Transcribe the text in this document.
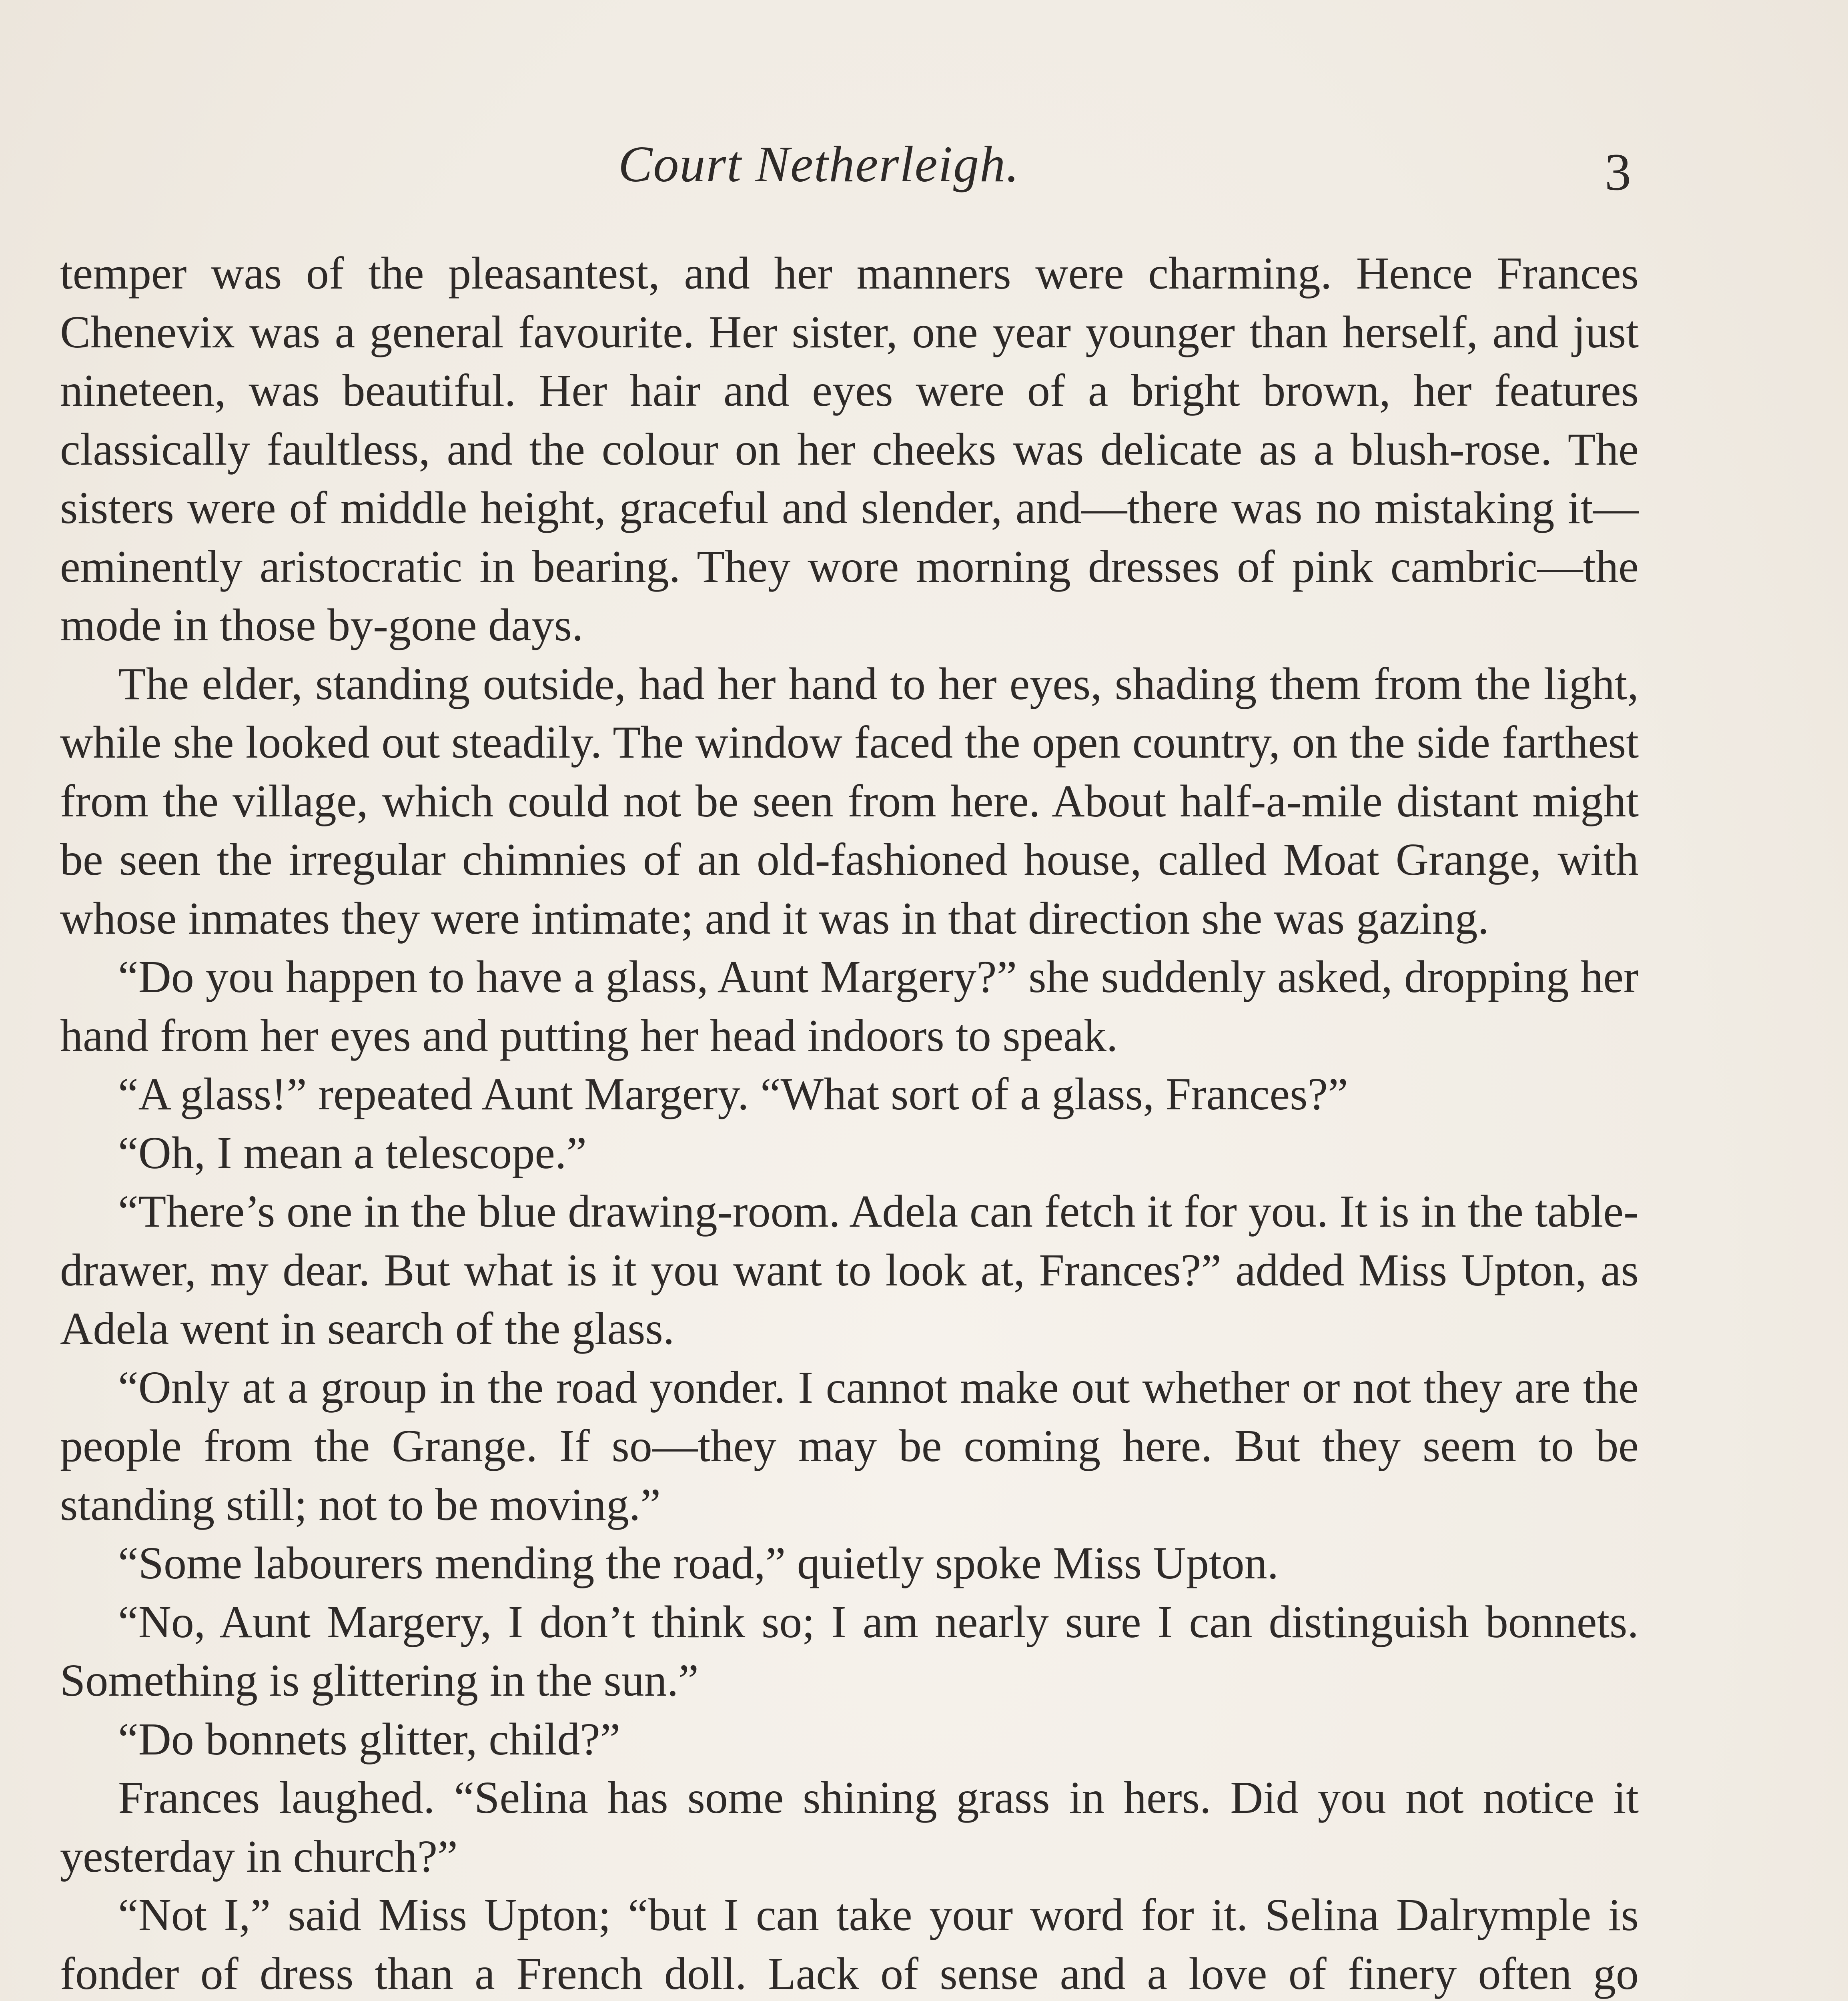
Court Netherleigh.	3

temper was of the pleasantest, and her manners were charming. Hence Frances Chenevix was a general favourite. Her sister, one year younger than herself, and just nineteen, was beautiful. Her hair and eyes were of a bright brown, her features classically faultless, and the colour on her cheeks was delicate as a blush-rose. The sisters were of middle height, graceful and slender, and—there was no mistaking it—eminently aristocratic in bearing. They wore morning dresses of pink cambric—the mode in those by-gone days.

The elder, standing outside, had her hand to her eyes, shading them from the light, while she looked out steadily. The window faced the open country, on the side farthest from the village, which could not be seen from here. About half-a-mile distant might be seen the irregular chimnies of an old-fashioned house, called Moat Grange, with whose inmates they were intimate; and it was in that direction she was gazing.

“Do you happen to have a glass, Aunt Margery?” she suddenly asked, dropping her hand from her eyes and putting her head indoors to speak.

“A glass!” repeated Aunt Margery. “What sort of a glass, Frances?”

“Oh, I mean a telescope.”

“There’s one in the blue drawing-room. Adela can fetch it for you. It is in the table-drawer, my dear. But what is it you want to look at, Frances?” added Miss Upton, as Adela went in search of the glass.

“Only at a group in the road yonder. I cannot make out whether or not they are the people from the Grange. If so—they may be coming here. But they seem to be standing still; not to be moving.”

“Some labourers mending the road,” quietly spoke Miss Upton.

“No, Aunt Margery, I don’t think so; I am nearly sure I can distinguish bonnets. Something is glittering in the sun.”

“Do bonnets glitter, child?”

Frances laughed. “Selina has some shining grass in hers. Did you not notice it yesterday in church?”

“Not I,” said Miss Upton; “but I can take your word for it. Selina Dalrymple is fonder of dress than a French doll. Lack of sense and a love of finery often go
